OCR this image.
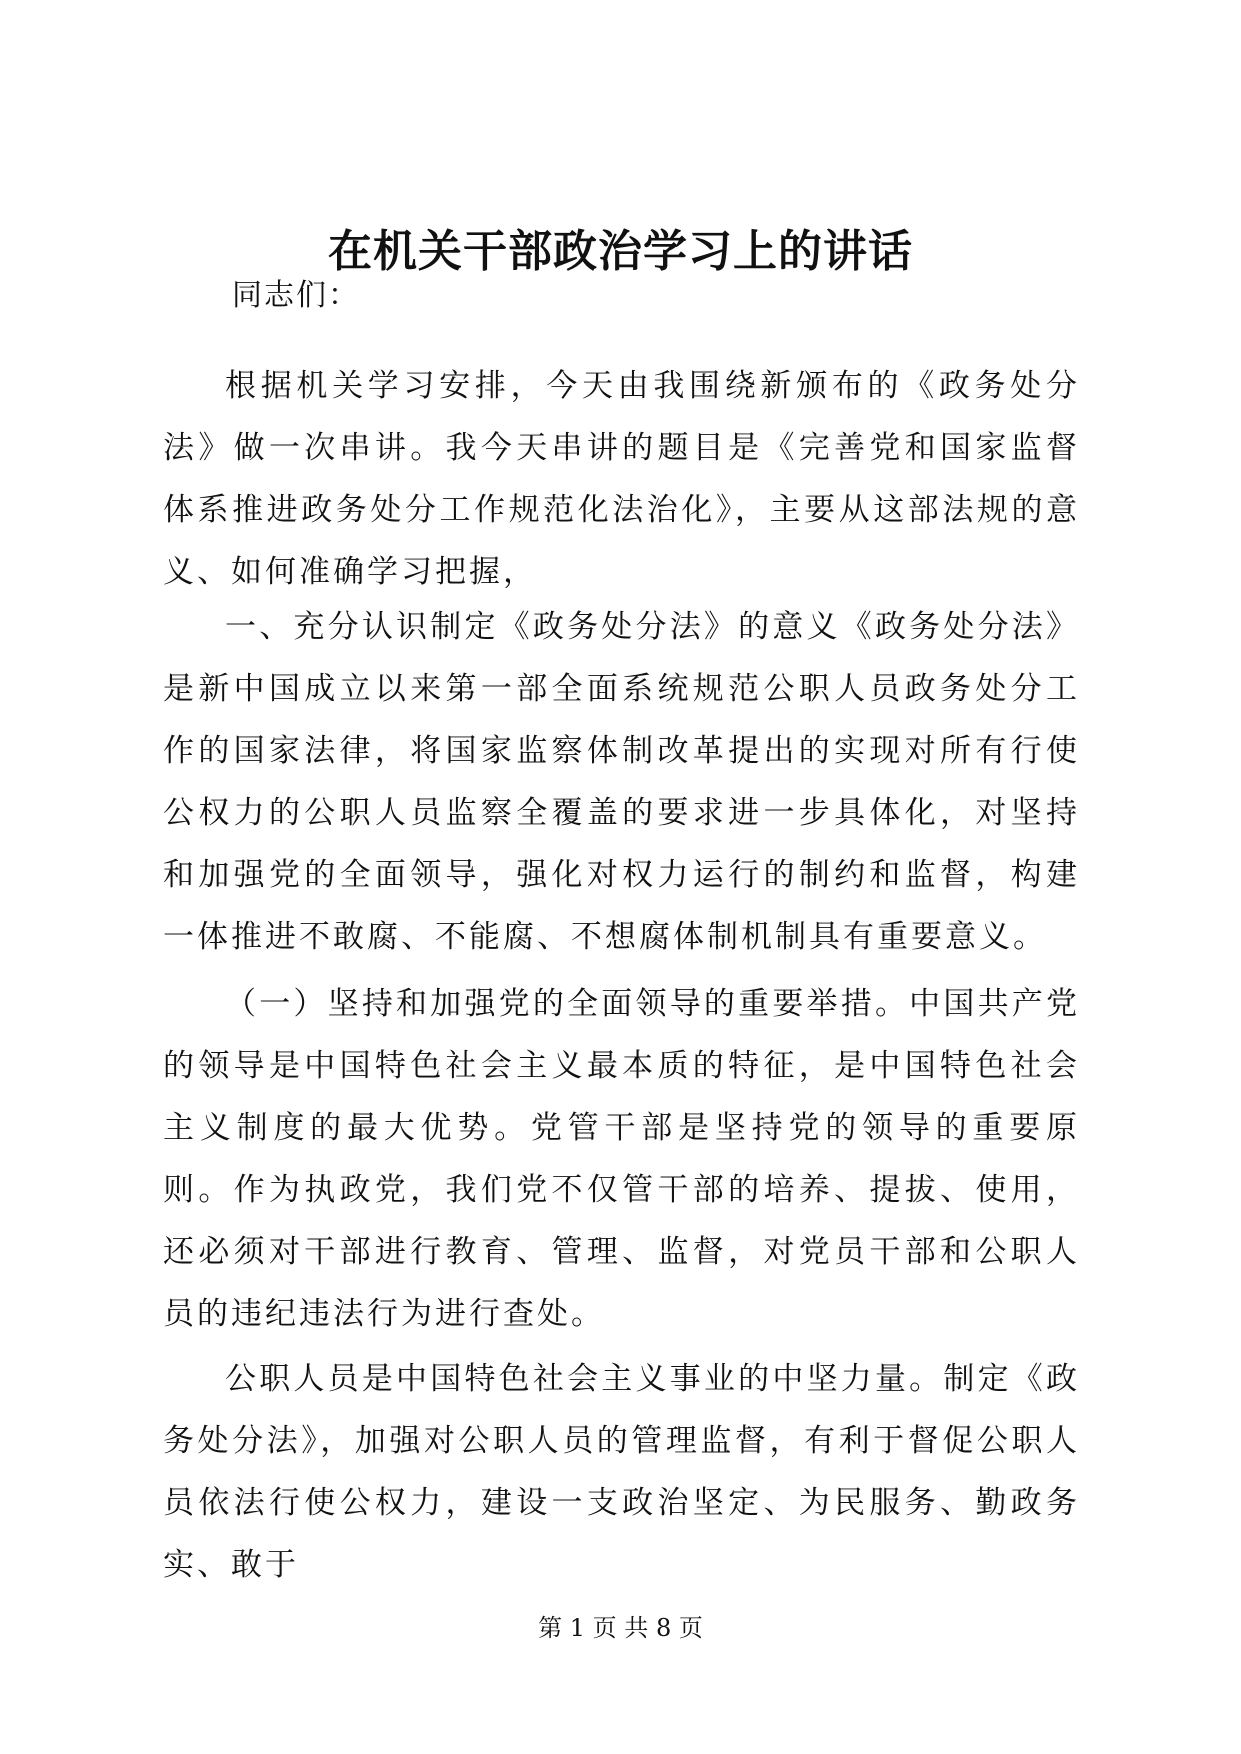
在机关干部政治学习上的讲话
同志们：

根据机关学习安排，今天由我围绕新颁布的《政务处分法》做一次串讲。我今天串讲的题目是《完善党和国家监督体系推进政务处分工作规范化法治化》，主要从这部法规的意义、如何准确学习把握，

一、充分认识制定《政务处分法》的意义《政务处分法》是新中国成立以来第一部全面系统规范公职人员政务处分工作的国家法律，将国家监察体制改革提出的实现对所有行使公权力的公职人员监察全覆盖的要求进一步具体化，对坚持和加强党的全面领导，强化对权力运行的制约和监督，构建一体推进不敢腐、不能腐、不想腐体制机制具有重要意义。

（一）坚持和加强党的全面领导的重要举措。中国共产党的领导是中国特色社会主义最本质的特征，是中国特色社会主义制度的最大优势。党管干部是坚持党的领导的重要原则。作为执政党，我们党不仅管干部的培养、提拔、使用，还必须对干部进行教育、管理、监督，对党员干部和公职人员的违纪违法行为进行查处。

公职人员是中国特色社会主义事业的中坚力量。制定《政务处分法》，加强对公职人员的管理监督，有利于督促公职人员依法行使公权力，建设一支政治坚定、为民服务、勤政务实、敢于

第 1 页 共 8 页
